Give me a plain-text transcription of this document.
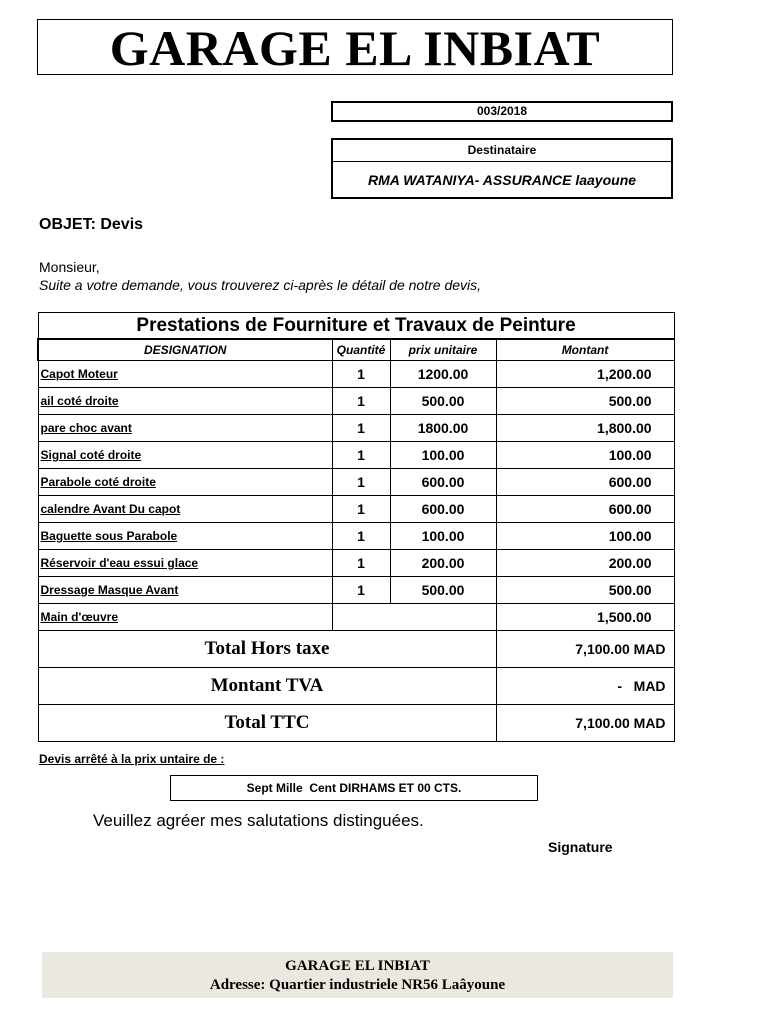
GARAGE EL INBIAT
003/2018
Destinataire
RMA WATANIYA- ASSURANCE laayoune
OBJET: Devis
Monsieur,
Suite a votre demande, vous trouverez ci-après le détail de notre devis,
Prestations de Fourniture et Travaux de Peinture			
DESIGNATION	Quantité	prix unitaire	Montant
Capot Moteur	1	1200.00	1,200.00
ail coté droite	1	500.00	500.00
pare choc avant	1	1800.00	1,800.00
Signal coté droite	1	100.00	100.00
Parabole coté droite	1	600.00	600.00
calendre Avant Du capot	1	600.00	600.00
Baguette sous Parabole	1	100.00	100.00
Réservoir d'eau essui glace	1	200.00	200.00
Dressage Masque Avant	1	500.00	500.00
Main d'œuvre			1,500.00
Total Hors taxe			7,100.00 MAD
Montant TVA			-   MAD
Total TTC			7,100.00 MAD
Devis arrêté à la prix untaire de :
Sept Mille  Cent DIRHAMS ET 00 CTS.
Veuillez agréer mes salutations distinguées.
Signature
GARAGE EL INBIAT
Adresse: Quartier industriele NR56 Laâyoune
